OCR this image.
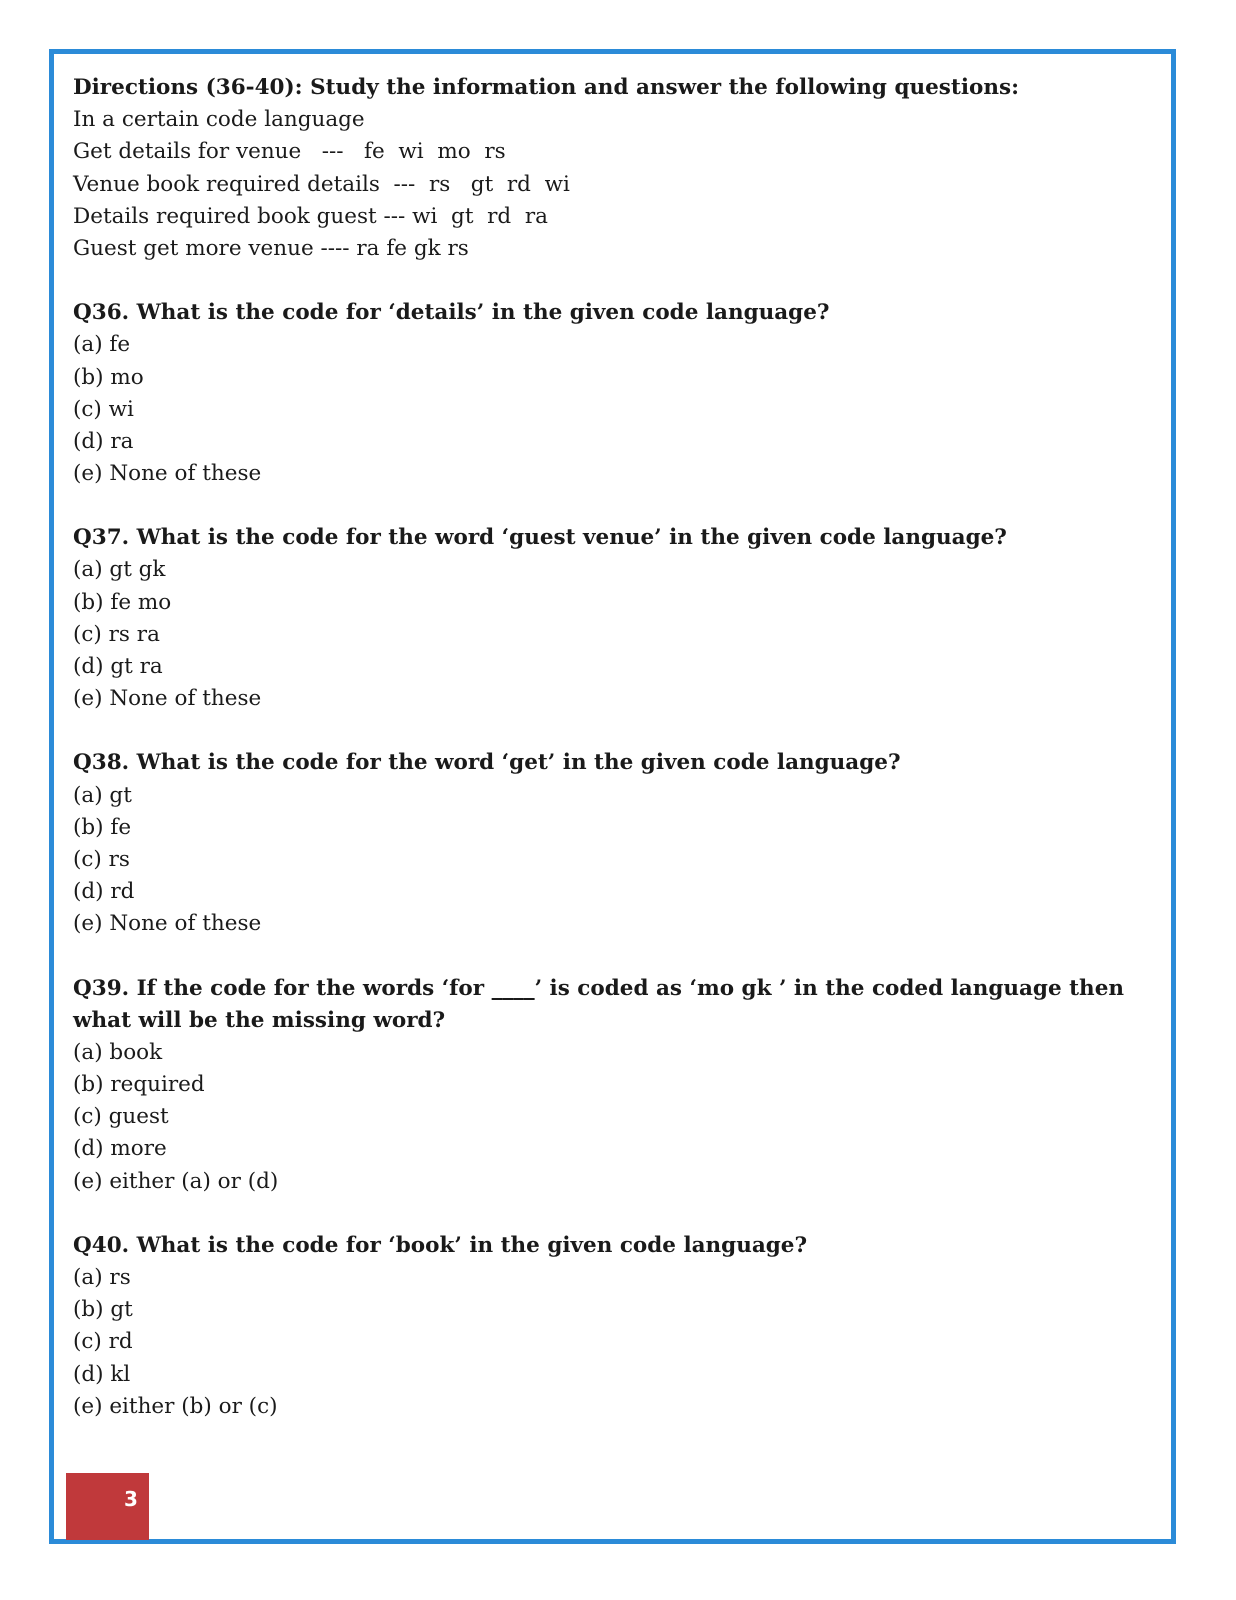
Directions (36-40): Study the information and answer the following questions:
In a certain code language
Get details for venue   ---   fe  wi  mo  rs
Venue book required details  ---  rs   gt  rd  wi
Details required book guest --- wi  gt  rd  ra
Guest get more venue ---- ra fe gk rs
Q36. What is the code for ‘details’ in the given code language?
(a) fe
(b) mo
(c) wi
(d) ra
(e) None of these
Q37. What is the code for the word ‘guest venue’ in the given code language?
(a) gt gk
(b) fe mo
(c) rs ra
(d) gt ra
(e) None of these
Q38. What is the code for the word ‘get’ in the given code language?
(a) gt
(b) fe
(c) rs
(d) rd
(e) None of these
Q39. If the code for the words ‘for ____’ is coded as ‘mo gk ’ in the coded language then what will be the missing word?
(a) book
(b) required
(c) guest
(d) more
(e) either (a) or (d)
Q40. What is the code for ‘book’ in the given code language?
(a) rs
(b) gt
(c) rd
(d) kl
(e) either (b) or (c)
3
